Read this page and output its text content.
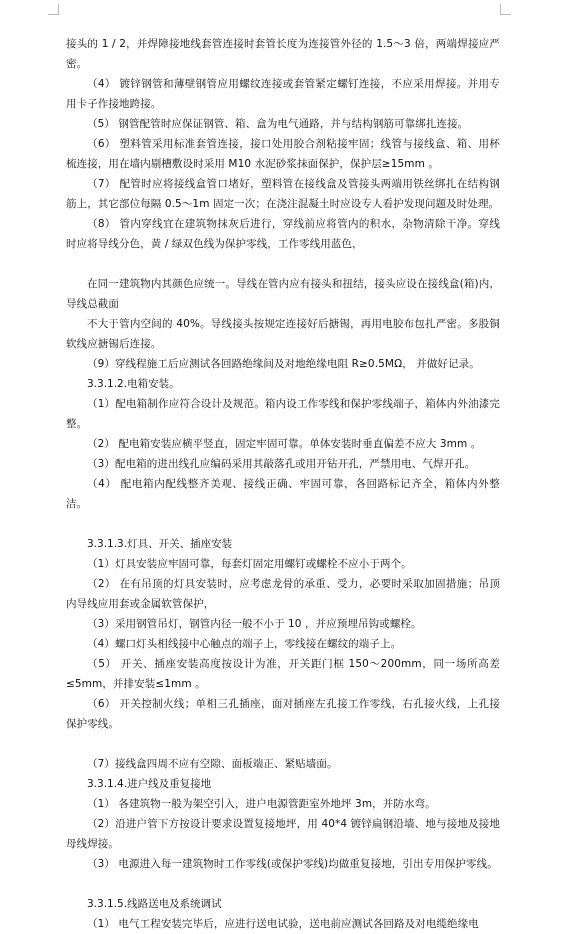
接头的 1 / 2，并焊障接地线套管连接时套管长度为连接管外径的 1.5～3 倍，两端焊接应严密。

（4） 镀锌钢管和薄壁钢管应用螺纹连接或套管紧定螺钉连接，不应采用焊接。并用专用卡子作接地跨接。

（5） 钢管配管时应保证钢管、箱、盒为电气通路，并与结构钢筋可靠绑扎连接。

（6） 塑料管采用标准套管连接，接口处用胶合剂粘接牢固；线管与接线盒、箱、用杯梳连接，用在墙内剔槽敷设时采用 M10 水泥砂浆抹面保护，保护层≥15mm 。

（7） 配管时应将接线盒管口堵好，塑料管在接线盒及管接头两端用铁丝绑扎在结构钢筋上，其它部位每隔 0.5～1m 固定一次；在浇注混凝土时应设专人看护发现问题及时处理。

（8） 管内穿线宜在建筑物抹灰后进行，穿线前应将管内的积水，杂物清除干净。穿线时应将导线分色，黄 / 绿双色线为保护零线，工作零线用蓝色，

在同一建筑物内其颜色应统一。导线在管内应有接头和扭结，接头应设在接线盒(箱)内，导线总截面

不大于管内空间的 40%。导线接头按规定连接好后搪锡，再用电胶布包扎严密。多股铜软线应搪锡后连接。

（9）穿线程施工后应测试各回路绝缘间及对地绝缘电阻 R≥0.5MΩ， 并做好记录。

3.3.1.2.电箱安装。

（1）配电箱制作应符合设计及规范。箱内设工作零线和保护零线端子，箱体内外油漆完整。

（2） 配电箱安装应横平竖直，固定牢固可靠。单体安装时垂直偏差不应大 3mm 。

（3）配电箱的进出线孔应编码采用其敲落孔或用开钻开孔，严禁用电、气焊开孔。

（4） 配电箱内配线整齐美观、接线正确、牢固可靠，各回路标记齐全，箱体内外整洁。

3.3.1.3.灯具、开关、插座安装

（1）灯具安装应牢固可靠，每套灯固定用螺钉或螺栓不应小于两个。

（2） 在有吊顶的灯具安装时，应考虑龙骨的承重、受力，必要时采取加固措施；吊顶内导线应用套或金属软管保护，

（3）采用钢管吊灯，钢管内径一般不小于 10 ，并应预埋吊钩或螺栓。

（4）螺口灯头相线接中心触点的端子上，零线接在螺纹的端子上。

（5） 开关、插座安装高度按设计为准，开关距门框 150～200mm，同一场所高差≤5mm，并排安装≤1mm 。

（6） 开关控制火线；单相三孔插座，面对插座左孔接工作零线，右孔接火线，上孔接保护零线。

（7）接线盒四周不应有空隙、面板端正、紧贴墙面。

3.3.1.4.进户线及重复接地

（1） 各建筑物一般为架空引入，进户电源管距室外地坪 3m，并防水弯。

（2）沿进户管下方按设计要求设置复接地坪，用 40*4 镀锌扁钢沿墙、地与接地及接地母线焊接。

（3） 电源进入每一建筑物时工作零线(或保护零线)均做重复接地，引出专用保护零线。

3.3.1.5.线路送电及系统调试

（1） 电气工程安装完毕后，应进行送电试验，送电前应测试各回路及对电缆绝缘电
